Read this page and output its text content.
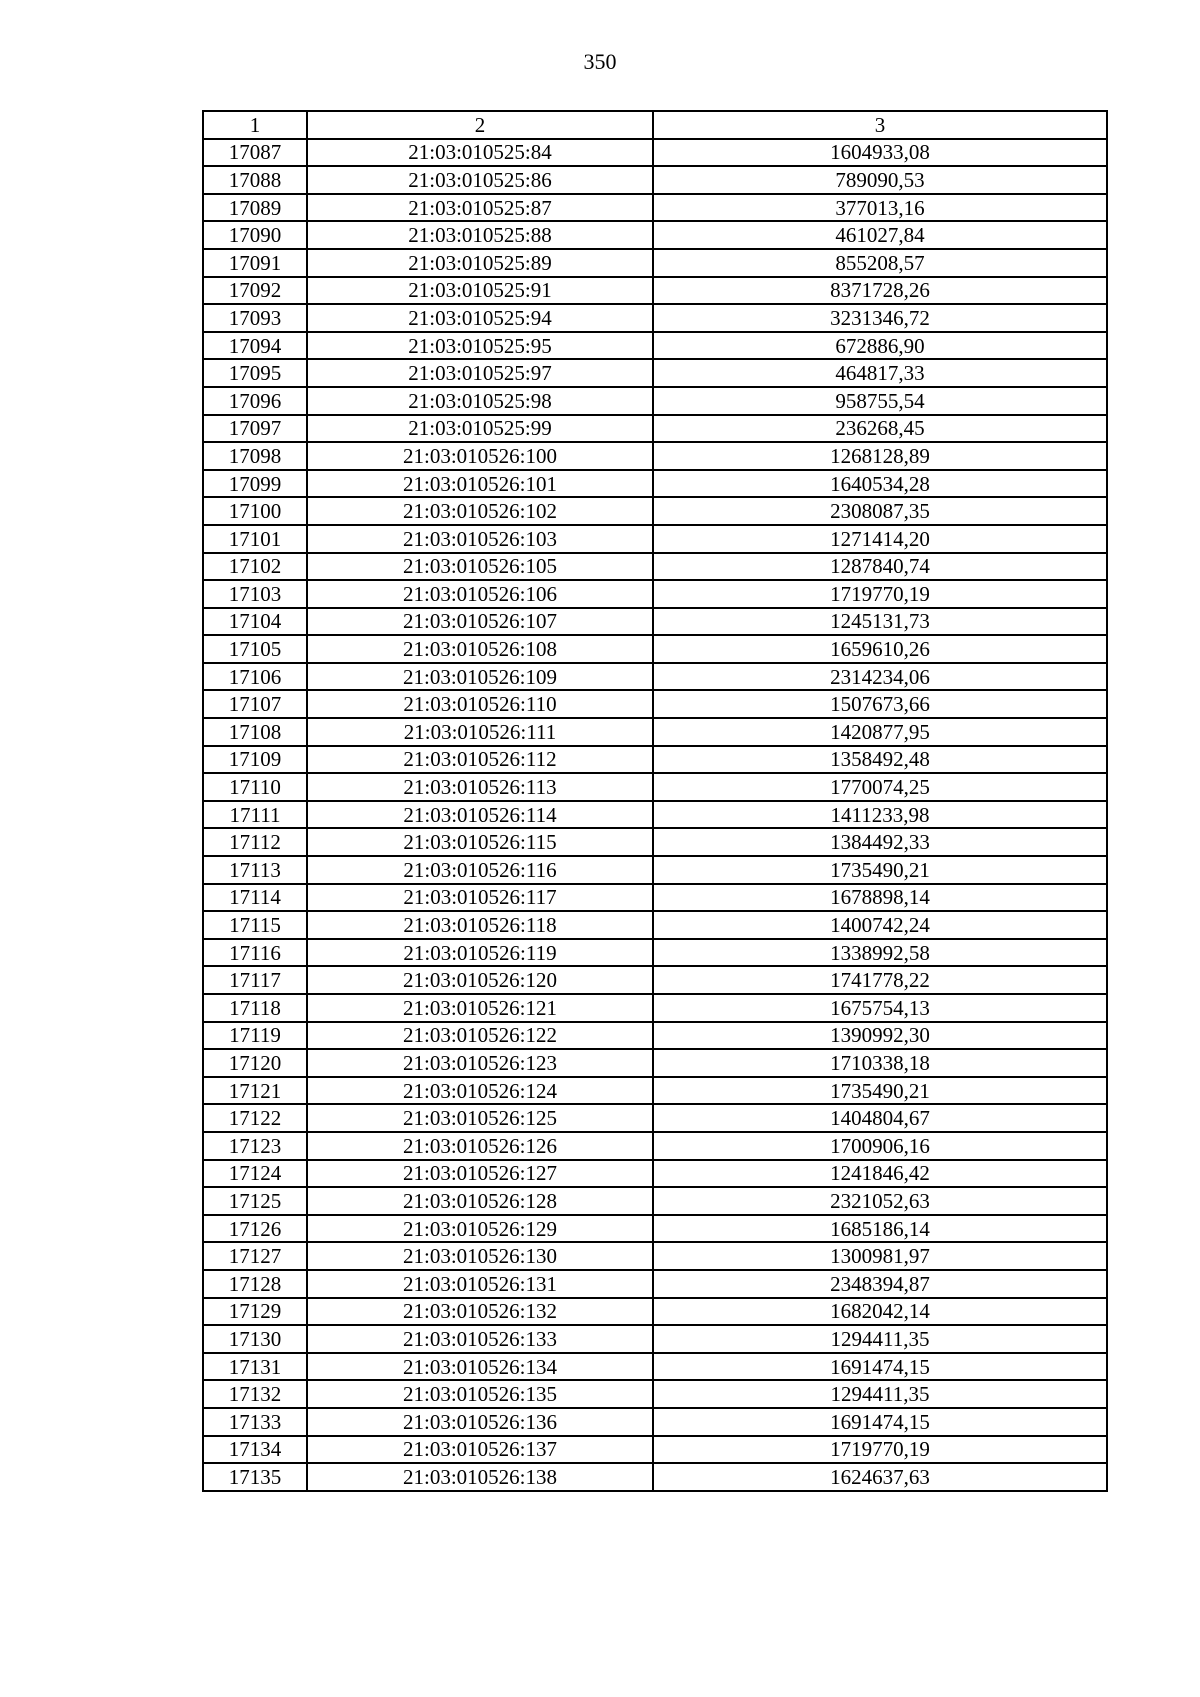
350
1	2	3
17087	21:03:010525:84	1604933,08
17088	21:03:010525:86	789090,53
17089	21:03:010525:87	377013,16
17090	21:03:010525:88	461027,84
17091	21:03:010525:89	855208,57
17092	21:03:010525:91	8371728,26
17093	21:03:010525:94	3231346,72
17094	21:03:010525:95	672886,90
17095	21:03:010525:97	464817,33
17096	21:03:010525:98	958755,54
17097	21:03:010525:99	236268,45
17098	21:03:010526:100	1268128,89
17099	21:03:010526:101	1640534,28
17100	21:03:010526:102	2308087,35
17101	21:03:010526:103	1271414,20
17102	21:03:010526:105	1287840,74
17103	21:03:010526:106	1719770,19
17104	21:03:010526:107	1245131,73
17105	21:03:010526:108	1659610,26
17106	21:03:010526:109	2314234,06
17107	21:03:010526:110	1507673,66
17108	21:03:010526:111	1420877,95
17109	21:03:010526:112	1358492,48
17110	21:03:010526:113	1770074,25
17111	21:03:010526:114	1411233,98
17112	21:03:010526:115	1384492,33
17113	21:03:010526:116	1735490,21
17114	21:03:010526:117	1678898,14
17115	21:03:010526:118	1400742,24
17116	21:03:010526:119	1338992,58
17117	21:03:010526:120	1741778,22
17118	21:03:010526:121	1675754,13
17119	21:03:010526:122	1390992,30
17120	21:03:010526:123	1710338,18
17121	21:03:010526:124	1735490,21
17122	21:03:010526:125	1404804,67
17123	21:03:010526:126	1700906,16
17124	21:03:010526:127	1241846,42
17125	21:03:010526:128	2321052,63
17126	21:03:010526:129	1685186,14
17127	21:03:010526:130	1300981,97
17128	21:03:010526:131	2348394,87
17129	21:03:010526:132	1682042,14
17130	21:03:010526:133	1294411,35
17131	21:03:010526:134	1691474,15
17132	21:03:010526:135	1294411,35
17133	21:03:010526:136	1691474,15
17134	21:03:010526:137	1719770,19
17135	21:03:010526:138	1624637,63
